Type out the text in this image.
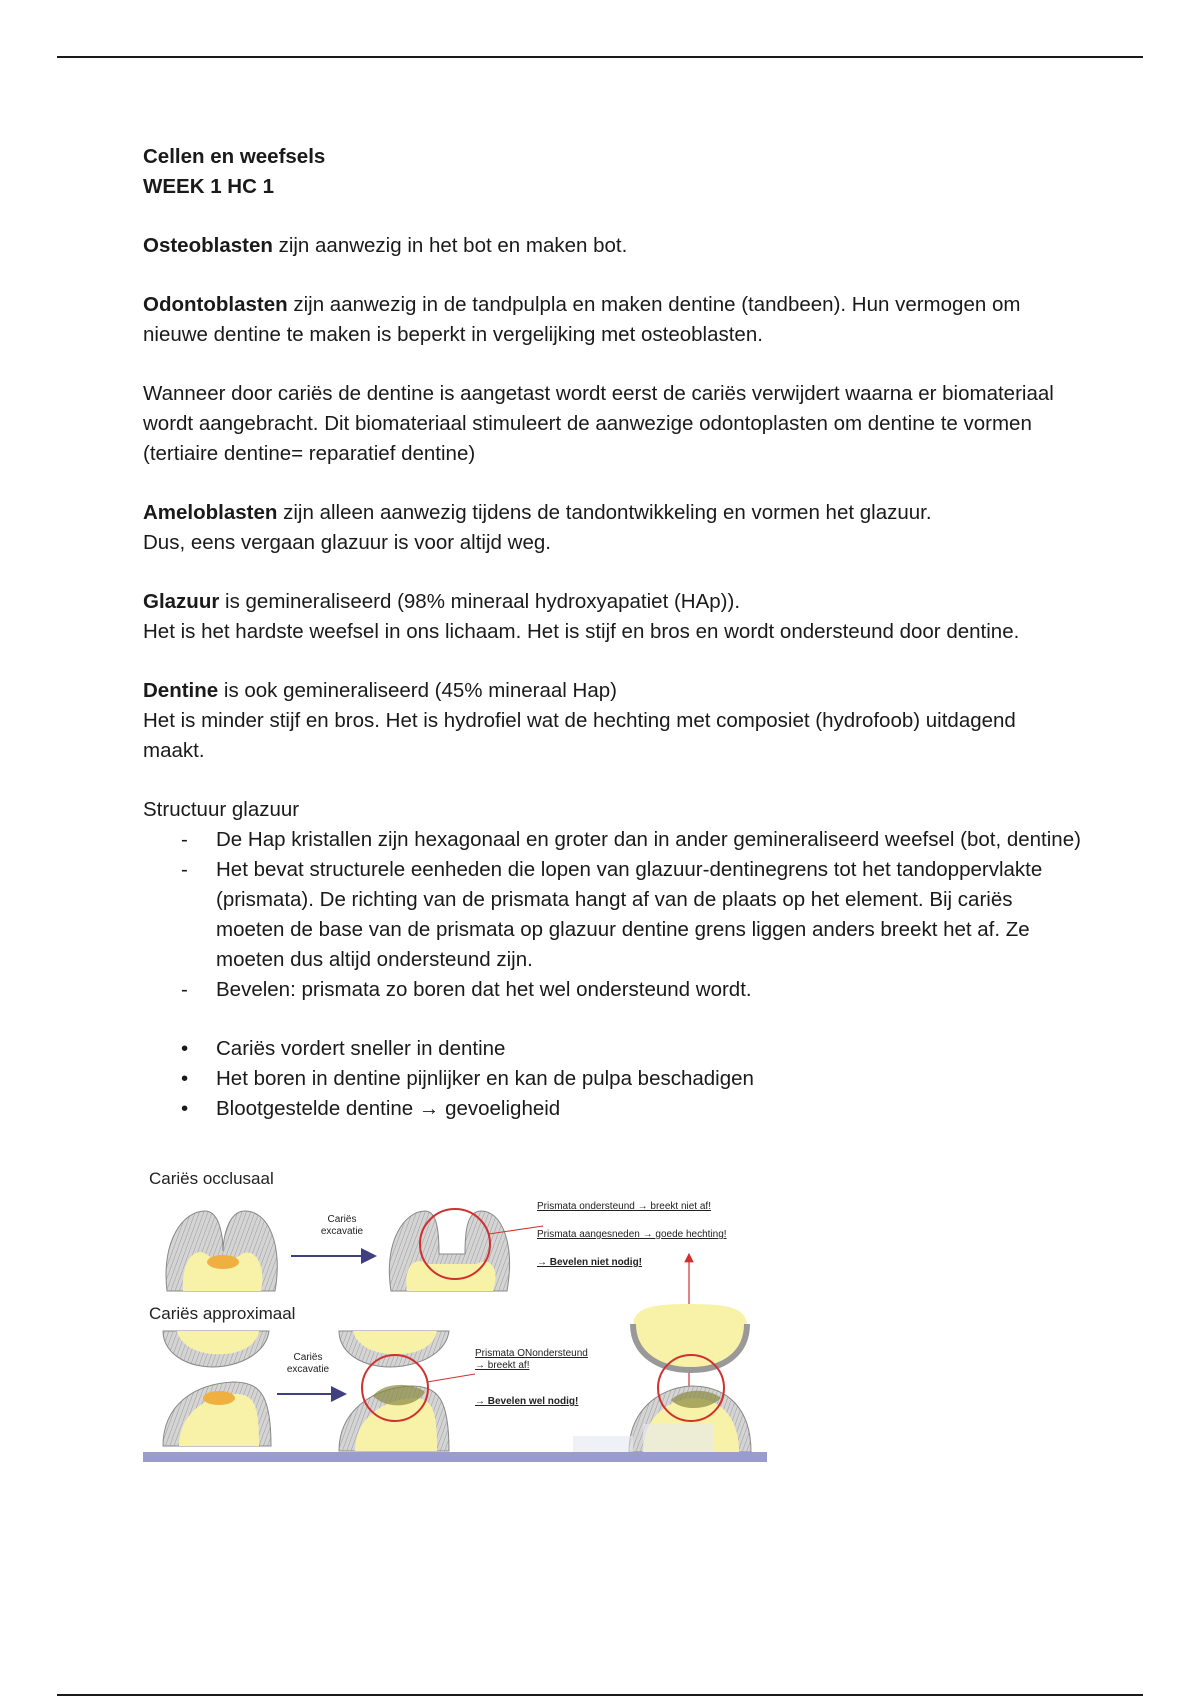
Cellen en weefsels

WEEK 1 HC 1

Osteoblasten zijn aanwezig in het bot en maken bot.

Odontoblasten zijn aanwezig in de tandpulpla en maken dentine (tandbeen). Hun vermogen om nieuwe dentine te maken is beperkt in vergelijking met osteoblasten.

Wanneer door cariës de dentine is aangetast wordt eerst de cariës verwijdert waarna er biomateriaal wordt aangebracht. Dit biomateriaal stimuleert de aanwezige odontoplasten om dentine te vormen (tertiaire dentine= reparatief dentine)

Ameloblasten zijn alleen aanwezig tijdens de tandontwikkeling en vormen het glazuur.

Dus, eens vergaan glazuur is voor altijd weg.

Glazuur is gemineraliseerd (98% mineraal hydroxyapatiet (HAp)).

Het is het hardste weefsel in ons lichaam. Het is stijf en bros en wordt ondersteund door dentine.

Dentine is ook gemineraliseerd (45% mineraal Hap)

Het is minder stijf en bros. Het is hydrofiel wat de hechting met composiet (hydrofoob) uitdagend maakt.

Structuur glazuur

- De Hap kristallen zijn hexagonaal en groter dan in ander gemineraliseerd weefsel (bot, dentine)
- Het bevat structurele eenheden die lopen van glazuur-dentinegrens tot het tandoppervlakte (prismata). De richting van de prismata hangt af van de plaats op het element. Bij cariës moeten de base van de prismata op glazuur dentine grens liggen anders breekt het af. Ze moeten dus altijd ondersteund zijn.
- Bevelen: prismata zo boren dat het wel ondersteund wordt.
• Cariës vordert sneller in dentine
• Het boren in dentine pijnlijker en kan de pulpa beschadigen
• Blootgestelde dentine → gevoeligheid
Cariës occlusaal
Cariës approximaal
Cariës
excavatie
Cariës
excavatie
Prismata ondersteund → breekt niet af!
Prismata aangesneden → goede hechting!
→ Bevelen niet nodig!
Prismata ONondersteund
→ breekt af!
→ Bevelen wel nodig!
